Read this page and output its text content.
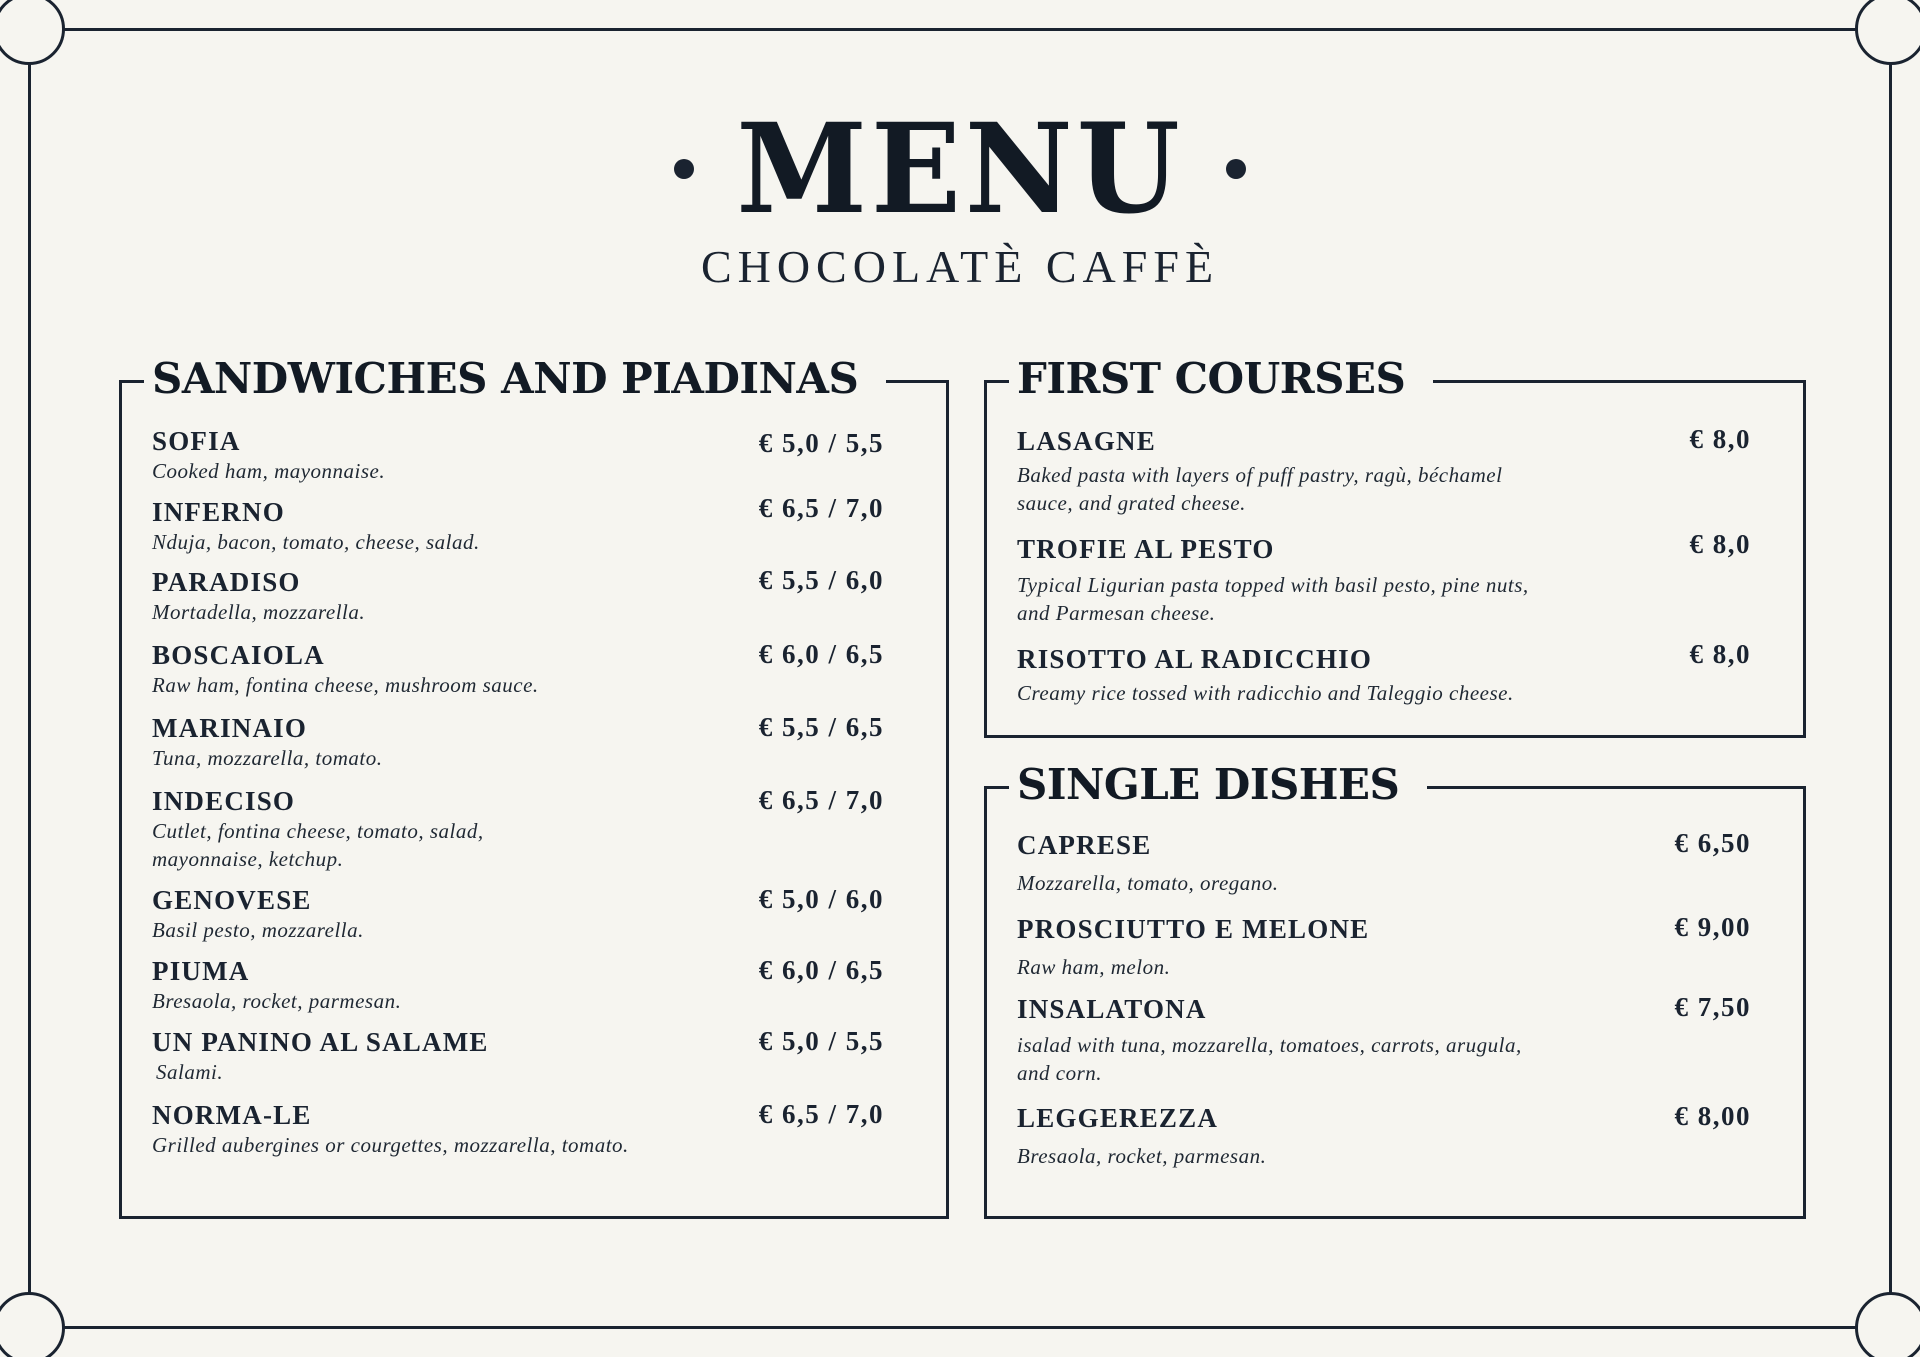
MENU
CHOCOLATÈ CAFFÈ
SANDWICHES AND PIADINAS
SOFIA
Cooked ham, mayonnaise.
€ 5,0 / 5,5
INFERNO
Nduja, bacon, tomato, cheese, salad.
€ 6,5 / 7,0
PARADISO
Mortadella, mozzarella.
€ 5,5 / 6,0
BOSCAIOLA
Raw ham, fontina cheese, mushroom sauce.
€ 6,0 / 6,5
MARINAIO
Tuna, mozzarella, tomato.
€ 5,5 / 6,5
INDECISO
Cutlet, fontina cheese, tomato, salad, mayonnaise, ketchup.
€ 6,5 / 7,0
GENOVESE
Basil pesto, mozzarella.
€ 5,0 / 6,0
PIUMA
Bresaola, rocket, parmesan.
€ 6,0 / 6,5
UN PANINO AL SALAME
Salami.
€ 5,0 / 5,5
NORMA-LE
Grilled aubergines or courgettes, mozzarella, tomato.
€ 6,5 / 7,0
FIRST COURSES
LASAGNE
Baked pasta with layers of puff pastry, ragù, béchamel sauce, and grated cheese.
€ 8,0
TROFIE AL PESTO
Typical Ligurian pasta topped with basil pesto, pine nuts, and Parmesan cheese.
€ 8,0
RISOTTO AL RADICCHIO
Creamy rice tossed with radicchio and Taleggio cheese.
€ 8,0
SINGLE DISHES
CAPRESE
Mozzarella, tomato, oregano.
€ 6,50
PROSCIUTTO E MELONE
Raw ham, melon.
€ 9,00
INSALATONA
isalad with tuna, mozzarella, tomatoes, carrots, arugula, and corn.
€ 7,50
LEGGEREZZA
Bresaola, rocket, parmesan.
€ 8,00
